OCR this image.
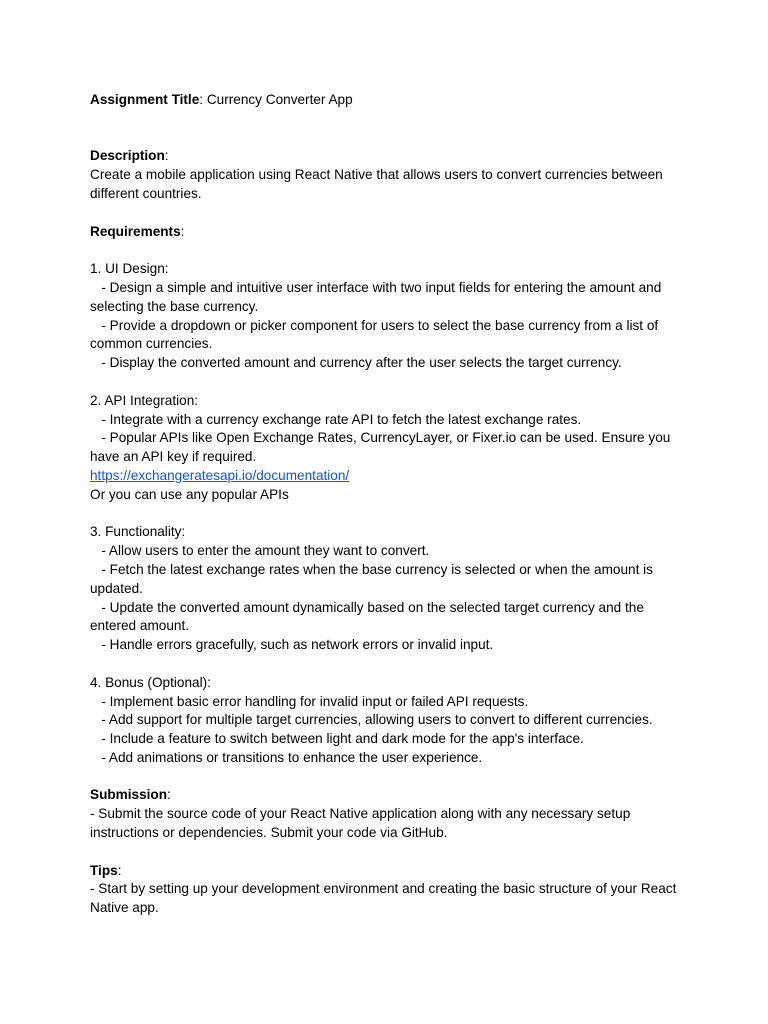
Assignment Title: Currency Converter App

Description:

Create a mobile application using React Native that allows users to convert currencies between different countries.

Requirements:

1. UI Design:

- Design a simple and intuitive user interface with two input fields for entering the amount and selecting the base currency.

- Provide a dropdown or picker component for users to select the base currency from a list of common currencies.

- Display the converted amount and currency after the user selects the target currency.

2. API Integration:

- Integrate with a currency exchange rate API to fetch the latest exchange rates.

- Popular APIs like Open Exchange Rates, CurrencyLayer, or Fixer.io can be used. Ensure you have an API key if required.

https://exchangeratesapi.io/documentation/

Or you can use any popular APIs

3. Functionality:

- Allow users to enter the amount they want to convert.

- Fetch the latest exchange rates when the base currency is selected or when the amount is updated.

- Update the converted amount dynamically based on the selected target currency and the entered amount.

- Handle errors gracefully, such as network errors or invalid input.

4. Bonus (Optional):

- Implement basic error handling for invalid input or failed API requests.

- Add support for multiple target currencies, allowing users to convert to different currencies.

- Include a feature to switch between light and dark mode for the app's interface.

- Add animations or transitions to enhance the user experience.

Submission:

- Submit the source code of your React Native application along with any necessary setup instructions or dependencies. Submit your code via GitHub.

Tips:

- Start by setting up your development environment and creating the basic structure of your React Native app.
